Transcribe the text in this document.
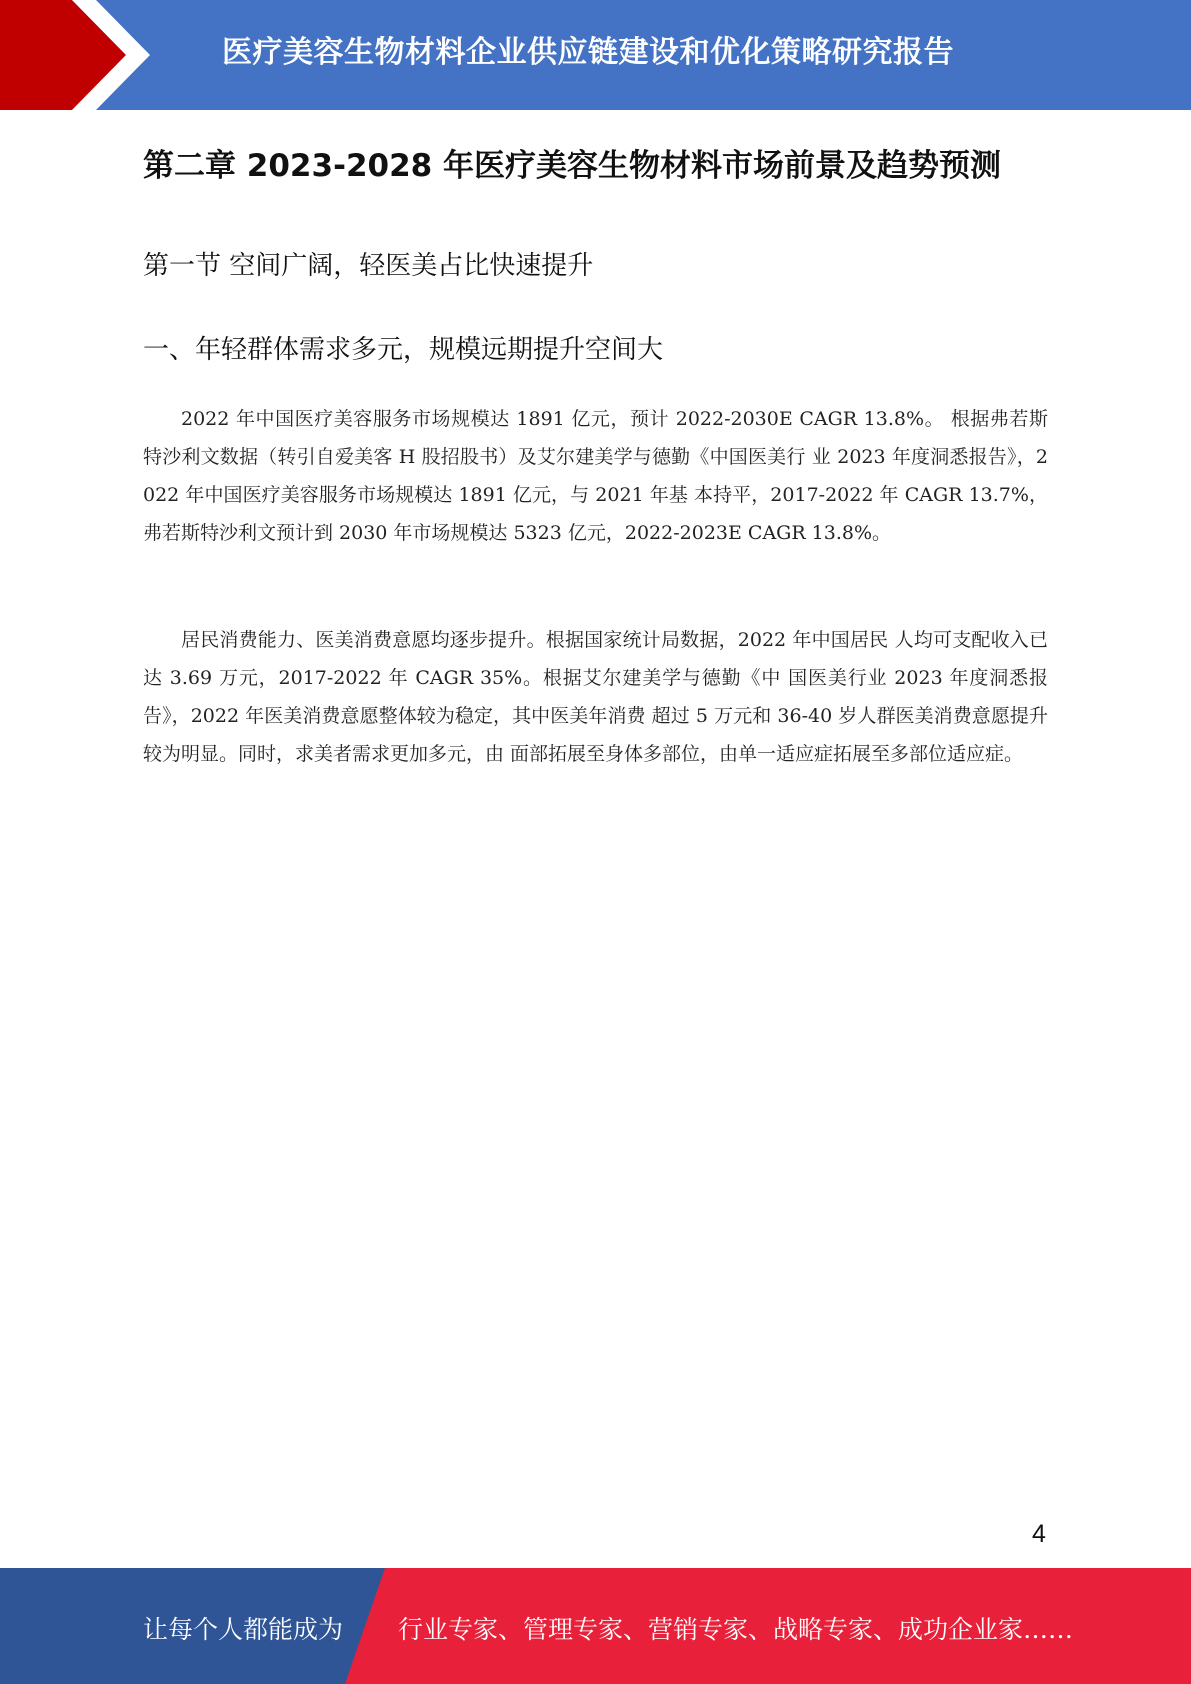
医疗美容生物材料企业供应链建设和优化策略研究报告
第二章 2023-2028 年医疗美容生物材料市场前景及趋势预测
第一节 空间广阔，轻医美占比快速提升
一、年轻群体需求多元，规模远期提升空间大

2022 年中国医疗美容服务市场规模达 1891 亿元，预计 2022-2030E CAGR 13.8%。 根据弗若斯特沙利文数据（转引自爱美客 H 股招股书）及艾尔建美学与德勤《中国医美行 业 2023 年度洞悉报告》，2022 年中国医疗美容服务市场规模达 1891 亿元，与 2021 年基 本持平，2017-2022 年 CAGR 13.7%，弗若斯特沙利文预计到 2030 年市场规模达 5323 亿元，2022-2023E CAGR 13.8%。

居民消费能力、医美消费意愿均逐步提升。根据国家统计局数据，2022 年中国居民 人均可支配收入已达 3.69 万元，2017-2022 年 CAGR 35%。根据艾尔建美学与德勤《中 国医美行业 2023 年度洞悉报告》，2022 年医美消费意愿整体较为稳定，其中医美年消费 超过 5 万元和 36-40 岁人群医美消费意愿提升较为明显。同时，求美者需求更加多元，由 面部拓展至身体多部位，由单一适应症拓展至多部位适应症。

4
让每个人都能成为 行业专家、管理专家、营销专家、战略专家、成功企业家……
